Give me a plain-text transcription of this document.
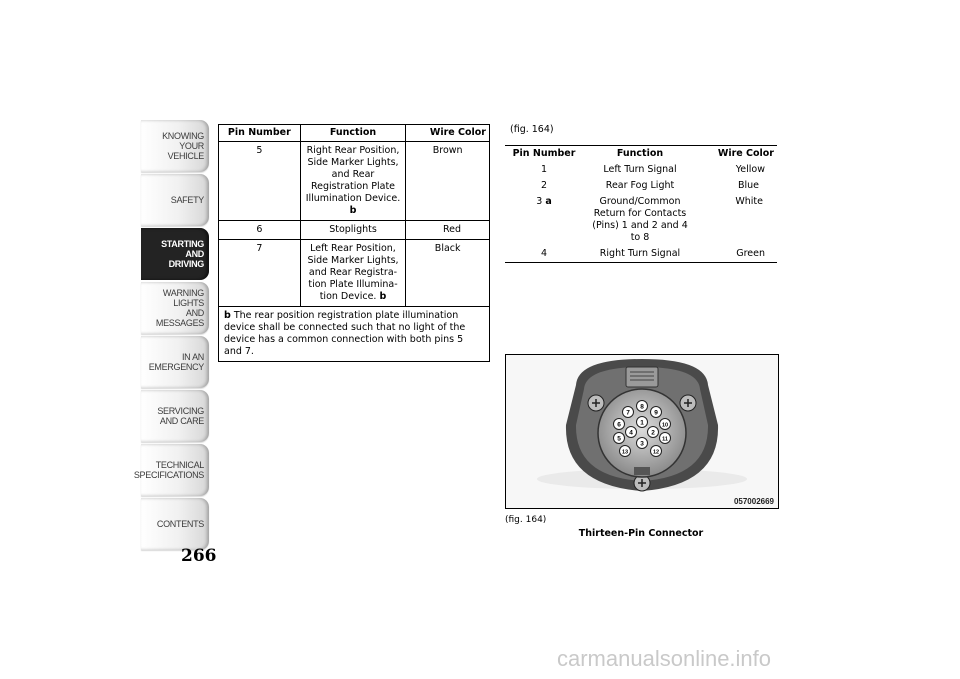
KNOWING
YOUR
VEHICLE
SAFETY
STARTING
AND
DRIVING
WARNING
LIGHTS
AND
MESSAGES
IN AN
EMERGENCY
SERVICING
AND CARE
TECHNICAL
SPECIFICATIONS
CONTENTS
266
Pin Number	Function	Wire Color
5	Right Rear Position, Side Marker Lights, and Rear Registration Plate Illumination Device. b	Brown
6	Stoplights	Red
7	Left Rear Position, Side Marker Lights, and Rear Registra- tion Plate Illumina- tion Device. b	Black
b The rear position registration plate illumination device shall be connected such that no light of the device has a common connection with both pins 5 and 7.		
(fig. 164)
Pin Number	Function	Wire Color
1	Left Turn Signal	Yellow
2	Rear Fog Light	Blue
3 a	Ground/Common Return for Contacts (Pins) 1 and 2 and 4 to 8	White
4	Right Turn Signal	Green
1
2
3
4
5
6
7
8
9
10
11
12
13
057002669
(fig. 164)
Thirteen-Pin Connector
carmanualsonline.info
